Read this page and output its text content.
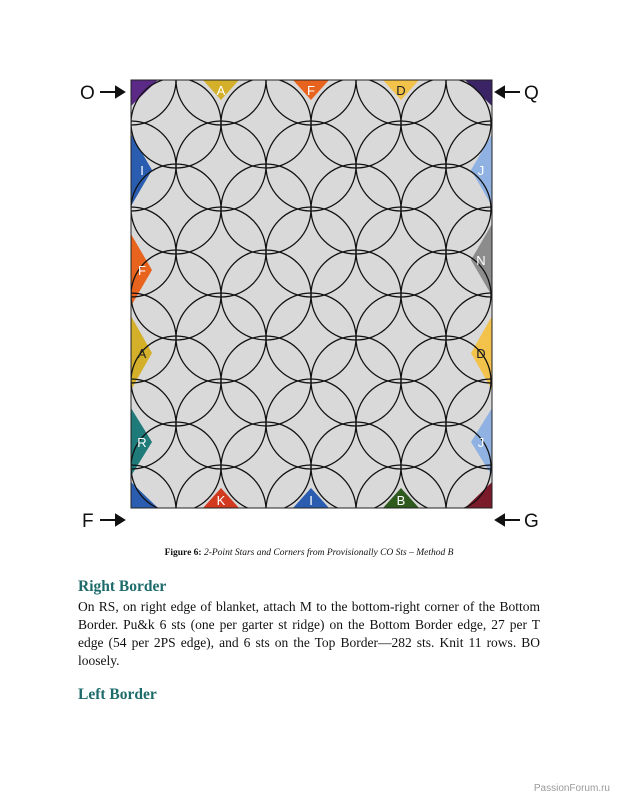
A	F	D
I
F
A
R
J
N
D
J
K	I	B
O	Q
F	G
Figure 6: 2-Point Stars and Corners from Provisionally CO Sts – Method B
Right Border
On RS, on right edge of blanket, attach M to the bottom-right corner of the Bottom Border. Pu&k 6 sts (one per garter st ridge) on the Bottom Border edge, 27 per T edge (54 per 2PS edge), and 6 sts on the Top Border—282 sts. Knit 11 rows. BO loosely.
Left Border
PassionForum.ru
